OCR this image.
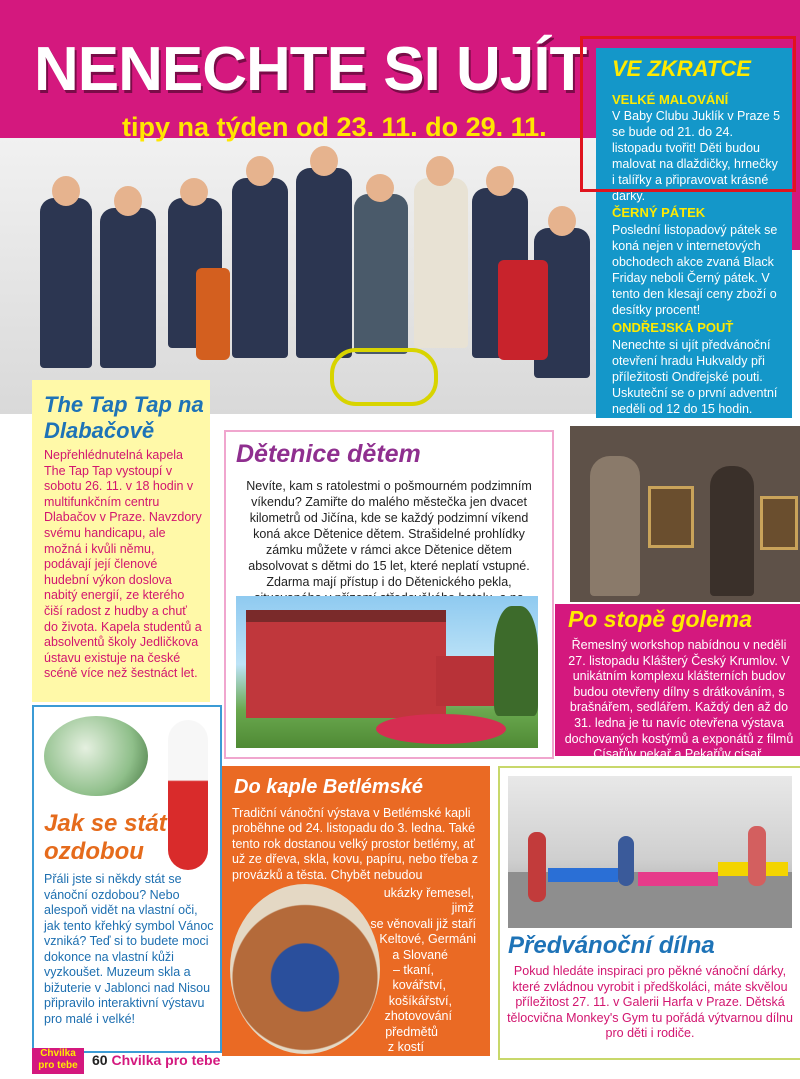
NENECHTE SI UJÍT
tipy na týden od 23. 11. do 29. 11.
VE ZKRATCE
VELKÉ MALOVÁNÍ
V Baby Clubu Juklík v Praze 5 se bude od 21. do 24. listopadu tvořit! Děti budou malovat na dlaždičky, hrnečky i talířky a připravovat krásné dárky.
ČERNÝ PÁTEK
Poslední listopadový pátek se koná nejen v internetových obchodech akce zvaná Black Friday neboli Černý pátek. V tento den klesají ceny zboží o desítky procent!
ONDŘEJSKÁ POUŤ
Nenechte si ujít předvánoční otevření hradu Hukvaldy při příležitosti Ondřejské pouti. Uskuteční se o první adventní neděli od 12 do 15 hodin.
The Tap Tap na Dlabačově
Nepřehlédnutelná kapela The Tap Tap vystoupí v sobotu 26. 11. v 18 hodin v multifunkčním centru Dlabačov v Praze. Navzdory svému handicapu, ale možná i kvůli němu, podávají její členové hudební výkon doslova nabitý energií, ze kterého čiší radost z hudby a chuť do života. Kapela studentů a absolventů školy Jedličkova ústavu existuje na české scéně více než šestnáct let.
Dětenice dětem
Nevíte, kam s ratolestmi o pošmourném podzimním víkendu? Zamiřte do malého městečka jen dvacet kilometrů od Jičína, kde se každý podzimní víkend koná akce Dětenice dětem. Strašidelné prohlídky zámku můžete v rámci akce Dětenice dětem absolvovat s dětmi do 15 let, které neplatí vstupné. Zdarma mají přístup i do Dětenického pekla,
Po stopě golema
Řemeslný workshop nabídnou v neděli 27. listopadu Klášterý Český Krumlov. V unikátním komplexu klášterních budov budou otevřeny dílny s drátkováním, s brašnářem, sedlářem. Každý den až do 31. ledna je tu navíc otevřena výstava dochovaných kostýmů a exponátů z filmů Císařův pekař a Pekařův císař.
Jak se stát ozdobou
Přáli jste si někdy stát se vánoční ozdobou? Nebo alespoň vidět na vlastní oči, jak tento křehký symbol Vánoc vzniká? Teď si to budete moci dokonce na vlastní kůži vyzkoušet. Muzeum skla a bižuterie v Jablonci nad Nisou připravilo interaktivní výstavu pro malé i velké!
Do kaple Betlémské
Tradiční vánoční výstava v Betlémské kapli proběhne od 24. listopadu do 3. ledna. Také tento rok dostanou velký prostor betlémy, ať už ze dřeva, skla, kovu, papíru, nebo třeba z provázků a těsta. Chybět nebudou
ukázky řemesel, jimž
se věnovali již staří
Keltové, Germáni
a Slované
– tkaní,
kovářství,
košíkářství,
zhotovování
předmětů
z kostí
a rohoviny.
Předvánoční dílna
Pokud hledáte inspiraci pro pěkné vánoční dárky, které zvládnou vyrobit i předškoláci, máte skvělou příležitost 27. 11. v Galerii Harfa v Praze. Dětská tělocvična Monkey's Gym tu pořádá výtvarnou dílnu pro děti i rodiče.
Chvilka pro tebe	60 Chvilka pro tebe
